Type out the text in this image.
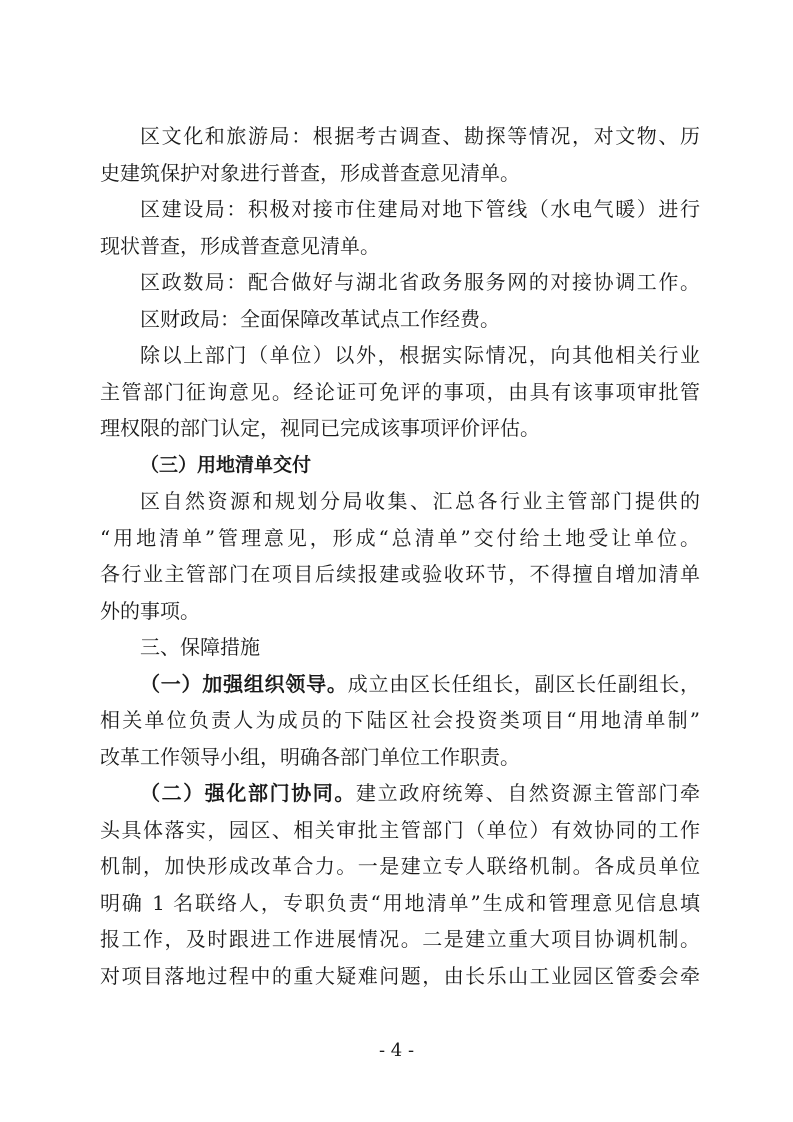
区文化和旅游局：根据考古调查、勘探等情况，对文物、历
史建筑保护对象进行普查，形成普查意见清单。
区建设局：积极对接市住建局对地下管线（水电气暖）进行
现状普查，形成普查意见清单。
区政数局：配合做好与湖北省政务服务网的对接协调工作。
区财政局：全面保障改革试点工作经费。
除以上部门（单位）以外，根据实际情况，向其他相关行业
主管部门征询意见。经论证可免评的事项，由具有该事项审批管
理权限的部门认定，视同已完成该事项评价评估。
（三）用地清单交付
区自然资源和规划分局收集、汇总各行业主管部门提供的
“用地清单”管理意见，形成“总清单”交付给土地受让单位。
各行业主管部门在项目后续报建或验收环节，不得擅自增加清单
外的事项。
三、保障措施
（一）加强组织领导。成立由区长任组长，副区长任副组长，
相关单位负责人为成员的下陆区社会投资类项目“用地清单制”
改革工作领导小组，明确各部门单位工作职责。
（二）强化部门协同。建立政府统筹、自然资源主管部门牵
头具体落实，园区、相关审批主管部门（单位）有效协同的工作
机制，加快形成改革合力。一是建立专人联络机制。各成员单位
明确 1 名联络人，专职负责“用地清单”生成和管理意见信息填
报工作，及时跟进工作进展情况。二是建立重大项目协调机制。
对项目落地过程中的重大疑难问题，由长乐山工业园区管委会牵
- 4 -
